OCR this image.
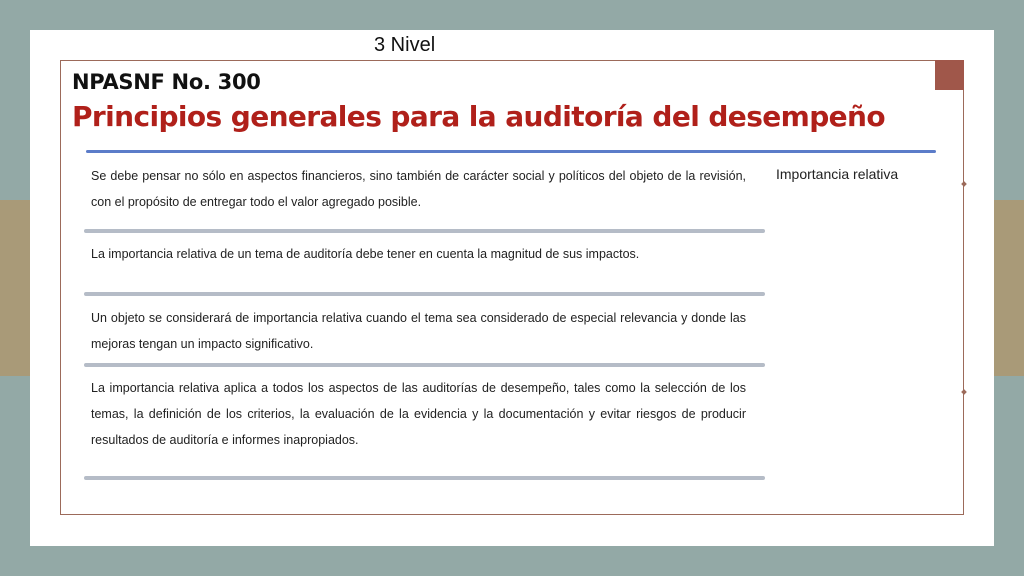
3 Nivel
NPASNF No. 300
Principios generales para la auditoría del desempeño
Se debe pensar no sólo en aspectos financieros, sino también de carácter social y políticos del objeto de la revisión, con el propósito de entregar todo el valor agregado posible.
La importancia relativa de un tema de auditoría debe tener en cuenta la magnitud de sus impactos.
Un objeto se considerará de importancia relativa cuando el tema sea considerado de especial relevancia y donde las mejoras tengan un impacto significativo.
La importancia relativa aplica a todos los aspectos de las auditorías de desempeño, tales como la selección de los temas, la definición de los criterios, la evaluación de la evidencia y la documentación y evitar riesgos de producir resultados de auditoría e informes inapropiados.
Importancia relativa
